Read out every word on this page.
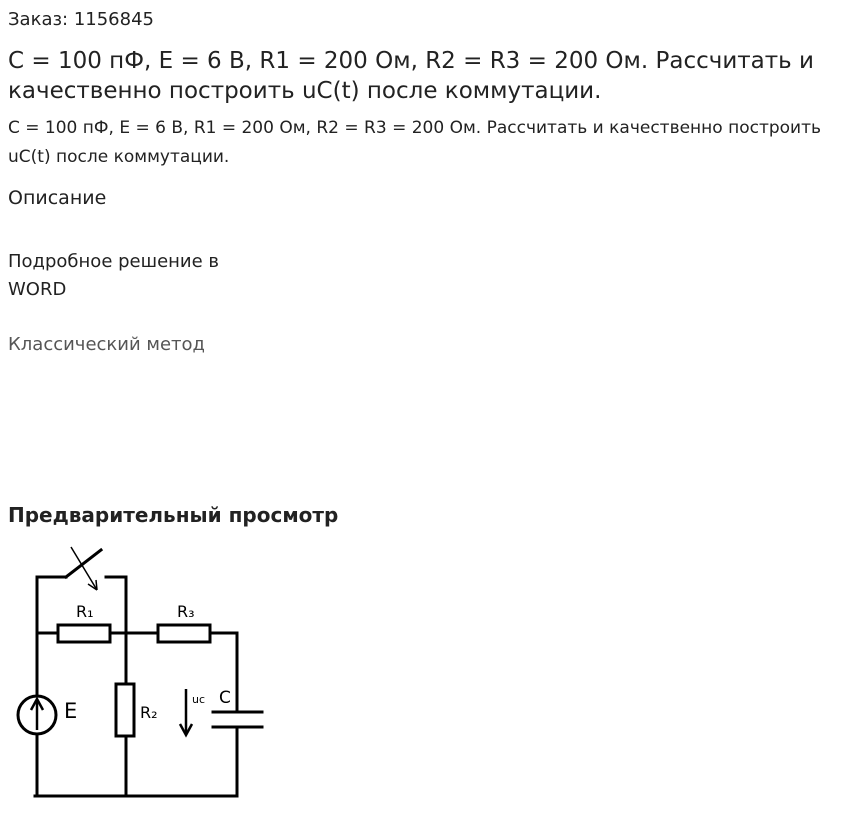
Заказ: 1156845
C = 100 пФ, E = 6 В, R1 = 200 Ом, R2 = R3 = 200 Ом. Рассчитать и качественно построить uC(t) после коммутации.

C = 100 пФ, E = 6 В, R1 = 200 Ом, R2 = R3 = 200 Ом. Рассчитать и качественно построить uC(t) после коммутации.

Описание
Подробное решение в WORD
Классический метод
Предварительный просмотр
R₁	R₃
R₂
E
C
uc
